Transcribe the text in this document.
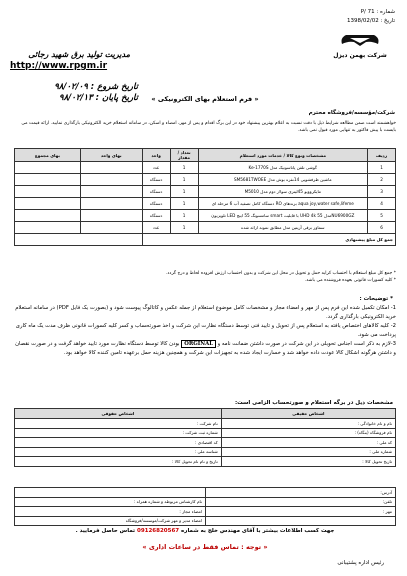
شماره : P/ 71
تاریخ : 1398/02/02
شرکت بهمن دیزل
مدیریت تولید برق شهید رجائی
http://www.rpgm.ir
تاریخ شروع : ۹۸/۰۲/۰۹
تاریخ پایان : ۹۸/۰۲/۱۳	« فرم استعلام بهای الکترونیکی »
شرکت/مؤسسه/فروشگاه محترم
خواهشمند است ضمن مطالعه شرایط ذیل با دقت نسبت به اعلام بهترین پیشنهاد خود در این برگ اقدام و پس از مهر، امضاء و اسکن، در سامانه استعلام خرید الکترونیکی بارگذاری نمایید. ارائه قیمت می بایست با پیش فاکتور به تنهایی مورد قبول نمی باشد.
ردیف	مشخصات ونوع کالا / خدمات مورد استعلام	تعداد / مقدار	واحد	بهای واحد	بهای مجموع
1	Ke-1770S گوشی تلفن پاناسونیک مدل	1	عدد		
2	SM5681TWOEE ماشین ظرفشویی 14نفره بوش مدل	1	دستگاه		
3	M5010 مایکروویو 45لیتری سولار دوم مدل	1	دستگاه		
4	دستگاه کامل تصفیه آب 6 مرحله ای RO برندهای aqua joy,water safe,lifeme	1	دستگاه		
5	تلویزیون LED سامسونگ 55 اینچ smart با قابلیت UHD 4k مدل 55NU6900GZ	1	دستگاه		
6	سماور برقی آریتین مدل مطابق نمونه ارائه شده	1	عدد		
جمع کل مبلغ پیشنهادی					
* جمع کل مبلغ استعلام با احتساب کرایه حمل و تحویل در محل این شرکت و بدون احتساب ارزش افزوده لحاظ و درج گردد.
* کلیه کسورات قانونی بعهده فروشنده می باشد.
* توضیحات :
1- امکان تکمیل شده این فرم پس از مهر و امضاء مجاز و مشخصات کامل موضوع استعلام از جمله عکس و کاتالوگ پیوست شود و (بصورت یک فایل PDF) در سامانه استعلام خرید الکترونیکی بارگذاری گردد.
2- کلیه کالاهای اختصاص یافته به استعلام پس از تحویل و تایید فنی توسط دستگاه نظارت این شرکت و اخذ صورتحساب و کسر کلیه کسورات قانونی ظرف مدت یک ماه کاری پرداخت می شود.
3-لازم به ذکر است اجناس تحویلی در این شرکت در صورت داشتن ضمانت نامه و ORGINAL بودن کالا توسط دستگاه نظارت مورد تایید خواهد گرفت و در صورت نقصان و داشتن هرگونه اشکال کالا عودت داده خواهد شد و خسارت ایجاد شده به تجهیزات این شرکت و همچنین هزینه حمل برعهده تامین کننده کالا خواهد بود.
مشخصات ذیل در برگه استعلام و صورتحساب الزامی است:
اشخاص حقیقی	اشخاص حقوقی
نام و نام خانوادگی :	نام شرکت :
نام فروشگاه (بنگاه) :	شماره ثبت شرکت :
کد ملی :	کد اقتصادی :
شماره ملی :	شناسه ملی :
تاریخ تحویل کالا :	تاریخ و نام نام تحویل کالا :
آدرس:	
تلفن:	نام کارشناس مربوطه و شماره همراه :
مهر :	امضاء مجاز :
	امضاء مدیر و مهر شرکت/موسسه/فروشگاه
جهت کسب اطلاعات بیشتر با آقای مهندس خلج به شماره 09126820567 تماس حاصل فرمایید .
« توجه : تماس فقط در ساعات اداری »
رئیس اداره پشتیبانی
